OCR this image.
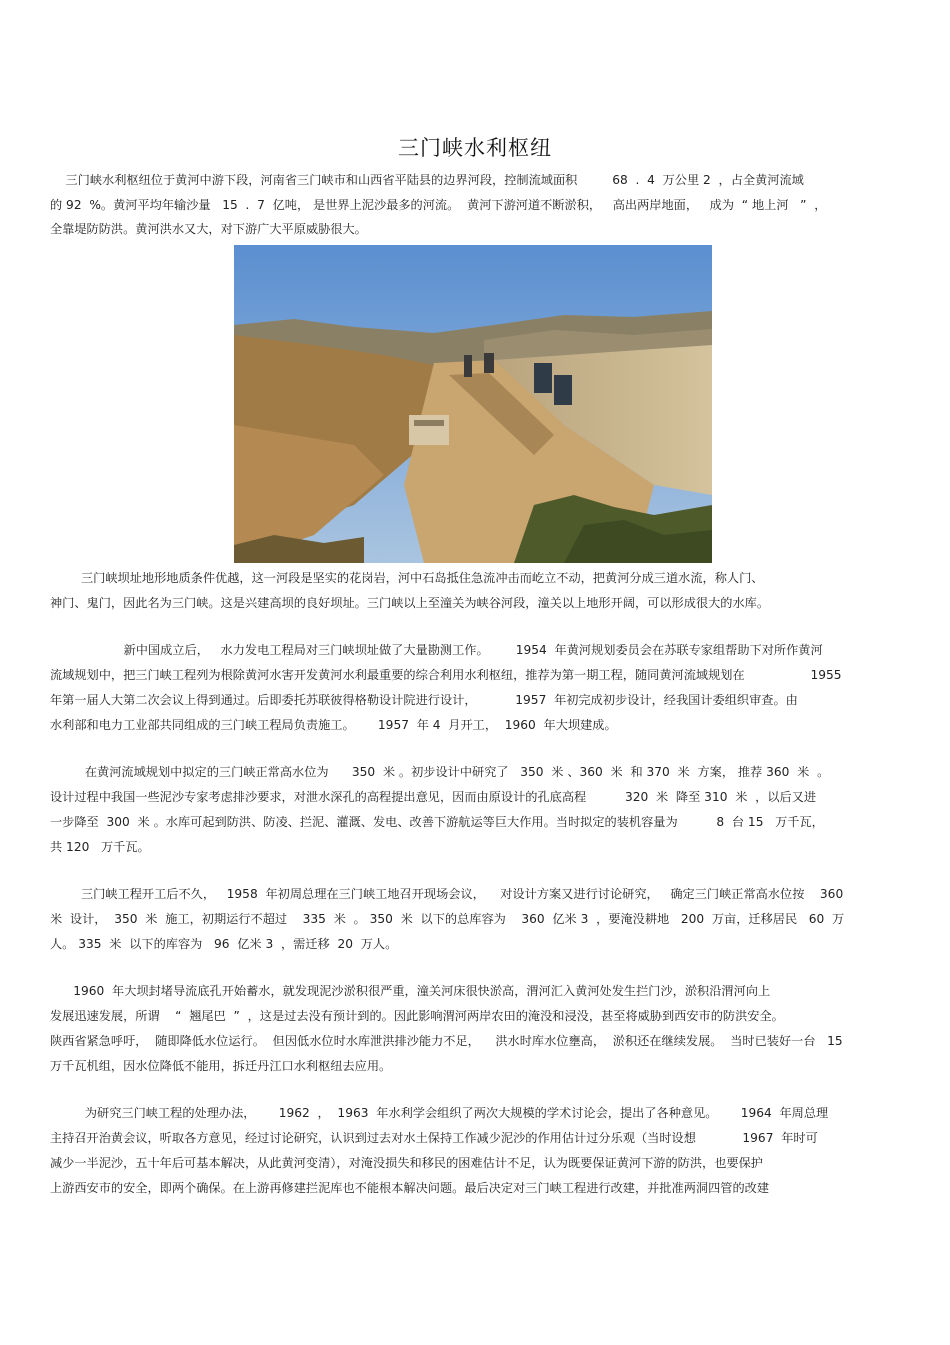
三门峡水利枢纽
三门峡水利枢纽位于黄河中游下段，河南省三门峡市和山西省平陆县的边界河段，控制流域面积         68  .  4  万公里 2  ，占全黄河流域
的 92  %。黄河平均年输沙量   15  .  7  亿吨， 是世界上泥沙最多的河流。  黄河下游河道不断淤积，   高出两岸地面，   成为  “ 地上河   ”  ，
全靠堤防防洪。黄河洪水又大，对下游广大平原威胁很大。
三门峡坝址地形地质条件优越，这一河段是坚实的花岗岩，河中石岛抵住急流冲击而屹立不动，把黄河分成三道水流，称人门、
神门、鬼门，因此名为三门峡。这是兴建高坝的良好坝址。三门峡以上至潼关为峡谷河段，潼关以上地形开阔，可以形成很大的水库。
新中国成立后，   水力发电工程局对三门峡坝址做了大量勘测工作。       1954  年黄河规划委员会在苏联专家组帮助下对所作黄河
流域规划中，把三门峡工程列为根除黄河水害开发黄河水利最重要的综合利用水利枢纽，推荐为第一期工程，随同黄河流域规划在                 1955
年第一届人大第二次会议上得到通过。后即委托苏联彼得格勒设计院进行设计，          1957  年初完成初步设计，经我国计委组织审查。由
水利部和电力工业部共同组成的三门峡工程局负责施工。      1957  年 4  月开工，  1960  年大坝建成。
在黄河流域规划中拟定的三门峡正常高水位为      350  米 。初步设计中研究了   350  米 、360  米  和 370  米  方案， 推荐 360  米  。
设计过程中我国一些泥沙专家考虑排沙要求，对泄水深孔的高程提出意见，因而由原设计的孔底高程          320  米  降至 310  米  ，以后又进
一步降至  300  米 。水库可起到防洪、防凌、拦泥、灌溉、发电、改善下游航运等巨大作用。当时拟定的装机容量为          8  台 15   万千瓦，
共 120   万千瓦。
三门峡工程开工后不久，   1958  年初周总理在三门峡工地召开现场会议，    对设计方案又进行讨论研究，   确定三门峡正常高水位按    360
米  设计，  350  米  施工，初期运行不超过    335  米  。 350  米  以下的总库容为    360  亿米 3  ，要淹没耕地   200  万亩，迁移居民   60  万
人。 335  米  以下的库容为   96  亿米 3  ，需迁移  20  万人。
1960  年大坝封堵导流底孔开始蓄水，就发现泥沙淤积很严重，潼关河床很快淤高，渭河汇入黄河处发生拦门沙，淤积沿渭河向上
发展迅速发展，所谓    “  翘尾巴  ”  ，这是过去没有预计到的。因此影响渭河两岸农田的淹没和浸没，甚至将威胁到西安市的防洪安全。
陕西省紧急呼吁，  随即降低水位运行。  但因低水位时水库泄洪排沙能力不足，    洪水时库水位壅高，  淤积还在继续发展。  当时已装好一台   15
万千瓦机组，因水位降低不能用，拆迁丹江口水利枢纽去应用。
为研究三门峡工程的处理办法，      1962  ，  1963  年水利学会组织了两次大规模的学术讨论会，提出了各种意见。      1964  年周总理
主持召开治黄会议，听取各方意见，经过讨论研究，认识到过去对水土保持工作减少泥沙的作用估计过分乐观（当时设想            1967  年时可
减少一半泥沙，五十年后可基本解决，从此黄河变清），对淹没损失和移民的困难估计不足，认为既要保证黄河下游的防洪，也要保护
上游西安市的安全，即两个确保。在上游再修建拦泥库也不能根本解决问题。最后决定对三门峡工程进行改建，并批准两洞四管的改建
